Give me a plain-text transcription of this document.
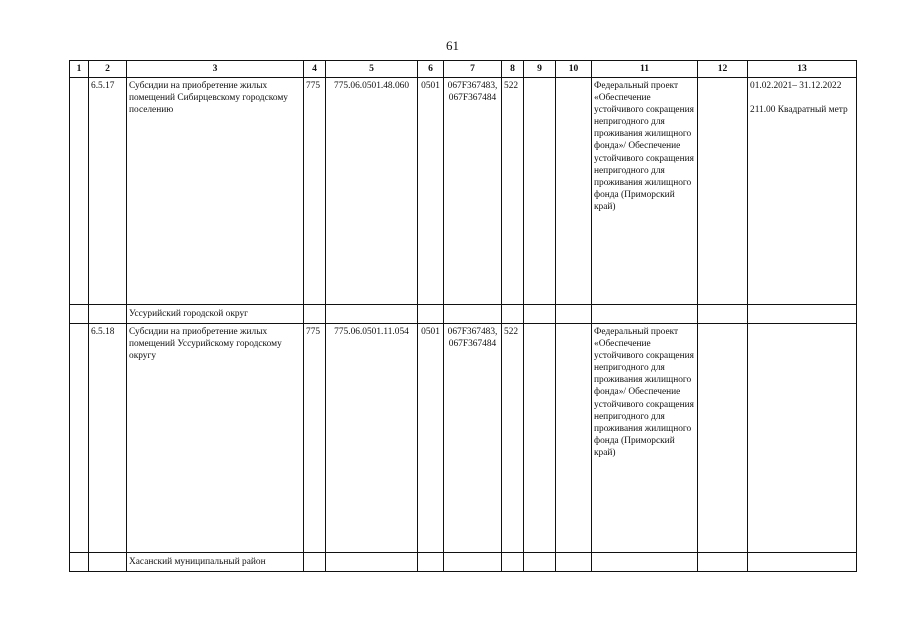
61
1	2	3	4	5	6	7	8	9	10	11	12	13
	6.5.17	Субсидии на приобретение жилых помещений Сибирцевскому городскому поселению	775	775.06.0501.48.060	0501	067F367483, 067F367484	522			Федеральный проект «Обеспечение устойчивого сокращения непригодного для проживания жилищного фонда»/ Обеспечение устойчивого сокращения непригодного для проживания жилищного фонда (Приморский край)		01.02.2021– 31.12.2022
211.00 Квадратный метр
		Уссурийский городской округ										
	6.5.18	Субсидии на приобретение жилых помещений Уссурийскому городскому округу	775	775.06.0501.11.054	0501	067F367483, 067F367484	522			Федеральный проект «Обеспечение устойчивого сокращения непригодного для проживания жилищного фонда»/ Обеспечение устойчивого сокращения непригодного для проживания жилищного фонда (Приморский край)		
		Хасанский муниципальный район										
